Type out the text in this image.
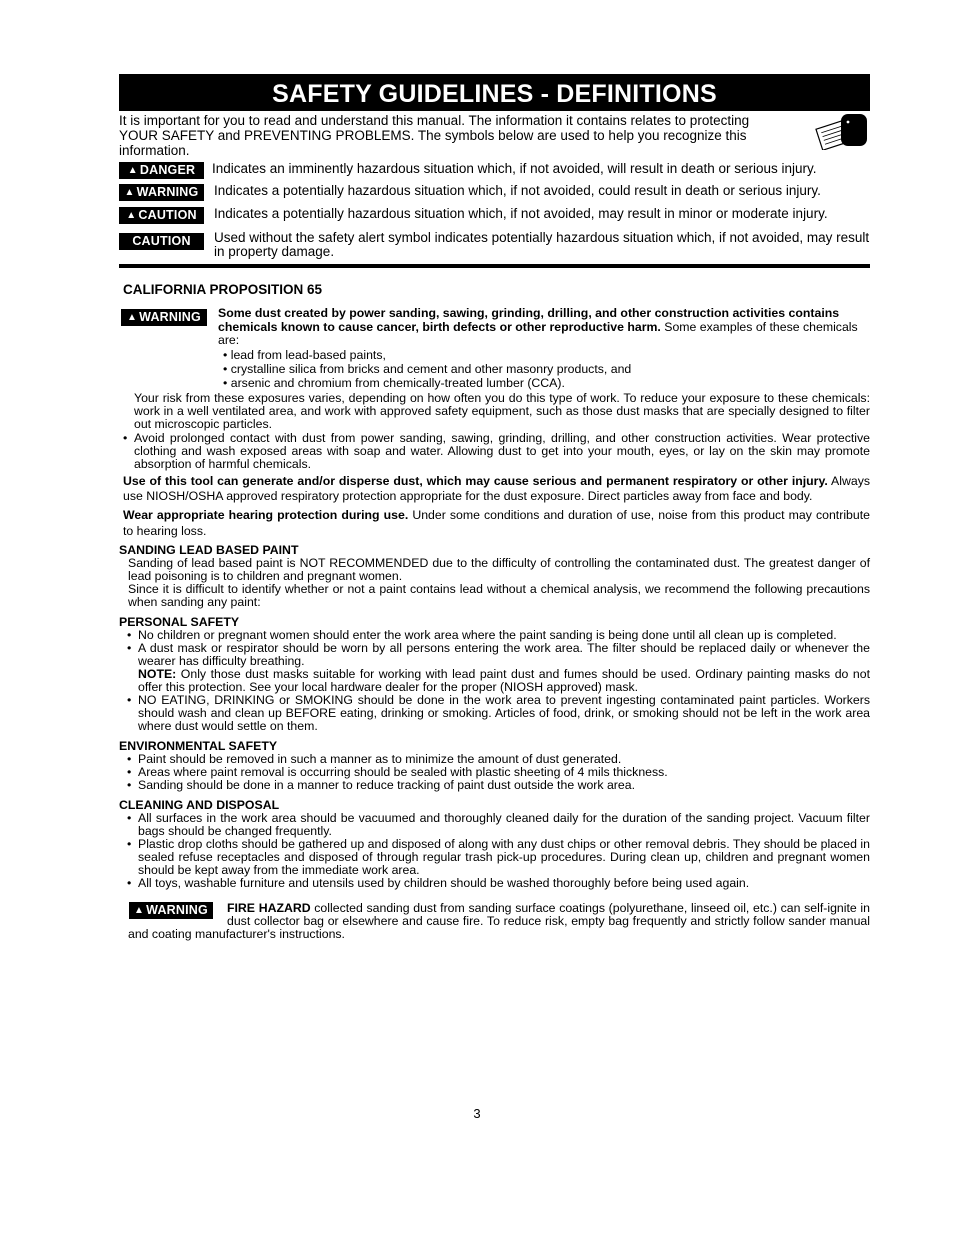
SAFETY GUIDELINES - DEFINITIONS
It is important for you to read and understand this manual. The information it contains relates to protecting YOUR SAFETY and PREVENTING PROBLEMS. The symbols below are used to help you recognize this information.
▲ DANGER Indicates an imminently hazardous situation which, if not avoided, will result in death or serious injury.
▲ WARNING Indicates a potentially hazardous situation which, if not avoided, could result in death or serious injury.
▲ CAUTION Indicates a potentially hazardous situation which, if not avoided, may result in minor or moderate injury.
CAUTION Used without the safety alert symbol indicates potentially hazardous situation which, if not avoided, may result in property damage.
CALIFORNIA PROPOSITION 65
▲ WARNING Some dust created by power sanding, sawing, grinding, drilling, and other construction activities contains chemicals known to cause cancer, birth defects or other reproductive harm. Some examples of these chemicals are:
• lead from lead-based paints,
• crystalline silica from bricks and cement and other masonry products, and
• arsenic and chromium from chemically-treated lumber (CCA).
Your risk from these exposures varies, depending on how often you do this type of work. To reduce your exposure to these chemicals: work in a well ventilated area, and work with approved safety equipment, such as those dust masks that are specially designed to filter out microscopic particles.
• Avoid prolonged contact with dust from power sanding, sawing, grinding, drilling, and other construction activities. Wear protective clothing and wash exposed areas with soap and water. Allowing dust to get into your mouth, eyes, or lay on the skin may promote absorption of harmful chemicals.
Use of this tool can generate and/or disperse dust, which may cause serious and permanent respiratory or other injury. Always use NIOSH/OSHA approved respiratory protection appropriate for the dust exposure. Direct particles away from face and body.
Wear appropriate hearing protection during use. Under some conditions and duration of use, noise from this product may contribute to hearing loss.
SANDING LEAD BASED PAINT
Sanding of lead based paint is NOT RECOMMENDED due to the difficulty of controlling the contaminated dust. The greatest danger of lead poisoning is to children and pregnant women.
Since it is difficult to identify whether or not a paint contains lead without a chemical analysis, we recommend the following precautions when sanding any paint:
PERSONAL SAFETY
• No children or pregnant women should enter the work area where the paint sanding is being done until all clean up is completed.
• A dust mask or respirator should be worn by all persons entering the work area. The filter should be replaced daily or whenever the wearer has difficulty breathing.
NOTE: Only those dust masks suitable for working with lead paint dust and fumes should be used. Ordinary painting masks do not offer this protection. See your local hardware dealer for the proper (NIOSH approved) mask.
• NO EATING, DRINKING or SMOKING should be done in the work area to prevent ingesting contaminated paint particles. Workers should wash and clean up BEFORE eating, drinking or smoking. Articles of food, drink, or smoking should not be left in the work area where dust would settle on them.
ENVIRONMENTAL SAFETY
• Paint should be removed in such a manner as to minimize the amount of dust generated.
• Areas where paint removal is occurring should be sealed with plastic sheeting of 4 mils thickness.
• Sanding should be done in a manner to reduce tracking of paint dust outside the work area.
CLEANING AND DISPOSAL
• All surfaces in the work area should be vacuumed and thoroughly cleaned daily for the duration of the sanding project. Vacuum filter bags should be changed frequently.
• Plastic drop cloths should be gathered up and disposed of along with any dust chips or other removal debris. They should be placed in sealed refuse receptacles and disposed of through regular trash pick-up procedures. During clean up, children and pregnant women should be kept away from the immediate work area.
• All toys, washable furniture and utensils used by children should be washed thoroughly before being used again.
▲ WARNING FIRE HAZARD collected sanding dust from sanding surface coatings (polyurethane, linseed oil, etc.) can self-ignite in dust collector bag or elsewhere and cause fire. To reduce risk, empty bag frequently and strictly follow sander manual and coating manufacturer's instructions.
3
